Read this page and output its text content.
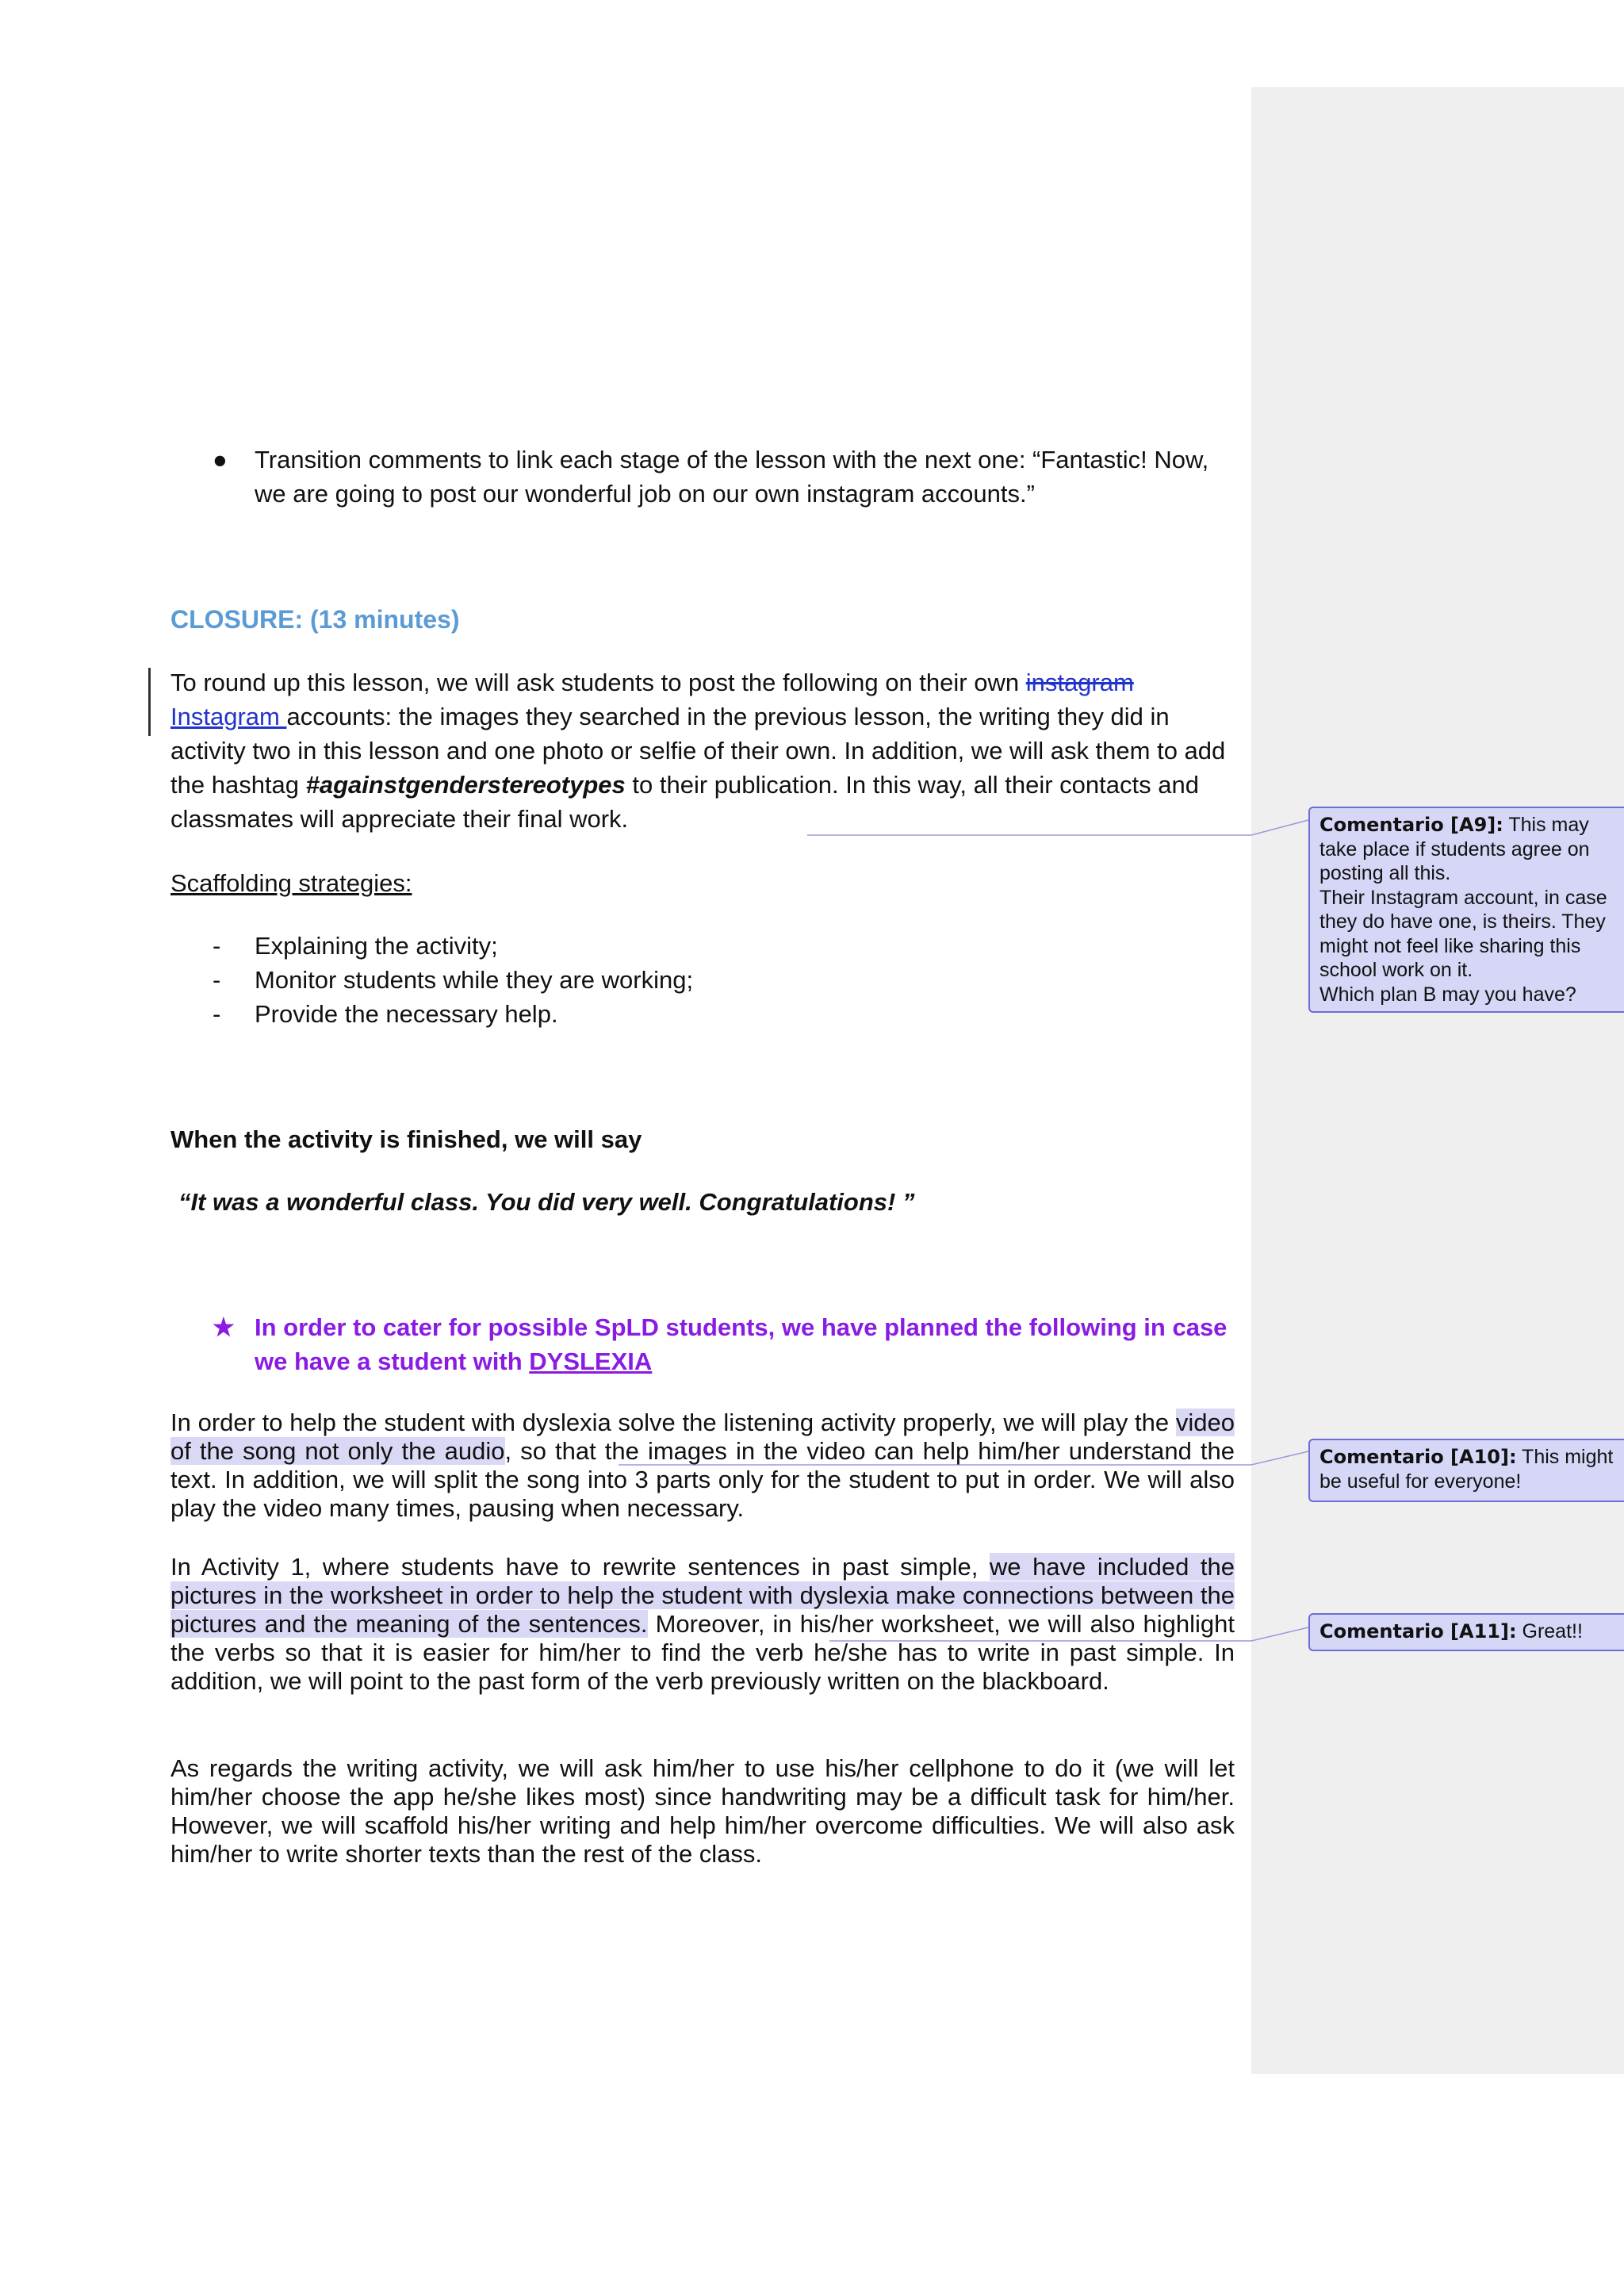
● Transition comments to link each stage of the lesson with the next one: “Fantastic! Now, we are going to post our wonderful job on our own instagram accounts.”
CLOSURE: (13 minutes)
To round up this lesson, we will ask students to post the following on their own instagram
Instagram accounts: the images they searched in the previous lesson, the writing they did in activity two in this lesson and one photo or selfie of their own. In addition, we will ask them to add the hashtag #againstgenderstereotypes to their publication. In this way, all their contacts and classmates will appreciate their final work.
Scaffolding strategies:
- Explaining the activity;
- Monitor students while they are working;
- Provide the necessary help.
When the activity is finished, we will say
“It was a wonderful class. You did very well. Congratulations! ”
★ In order to cater for possible SpLD students, we have planned the following in case we have a student with DYSLEXIA
In order to help the student with dyslexia solve the listening activity properly, we will play the video of the song not only the audio, so that the images in the video can help him/her understand the text. In addition, we will split the song into 3 parts only for the student to put in order. We will also play the video many times, pausing when necessary.
In Activity 1, where students have to rewrite sentences in past simple, we have included the pictures in the worksheet in order to help the student with dyslexia make connections between the pictures and the meaning of the sentences. Moreover, in his/her worksheet, we will also highlight the verbs so that it is easier for him/her to find the verb he/she has to write in past simple. In addition, we will point to the past form of the verb previously written on the blackboard.
As regards the writing activity, we will ask him/her to use his/her cellphone to do it (we will let him/her choose the app he/she likes most) since handwriting may be a difficult task for him/her. However, we will scaffold his/her writing and help him/her overcome difficulties. We will also ask him/her to write shorter texts than the rest of the class.
Comentario [A9]: This may take place if students agree on posting all this.
Their Instagram account, in case they do have one, is theirs. They might not feel like sharing this school work on it.
Which plan B may you have?
Comentario [A10]: This might be useful for everyone!
Comentario [A11]: Great!!
